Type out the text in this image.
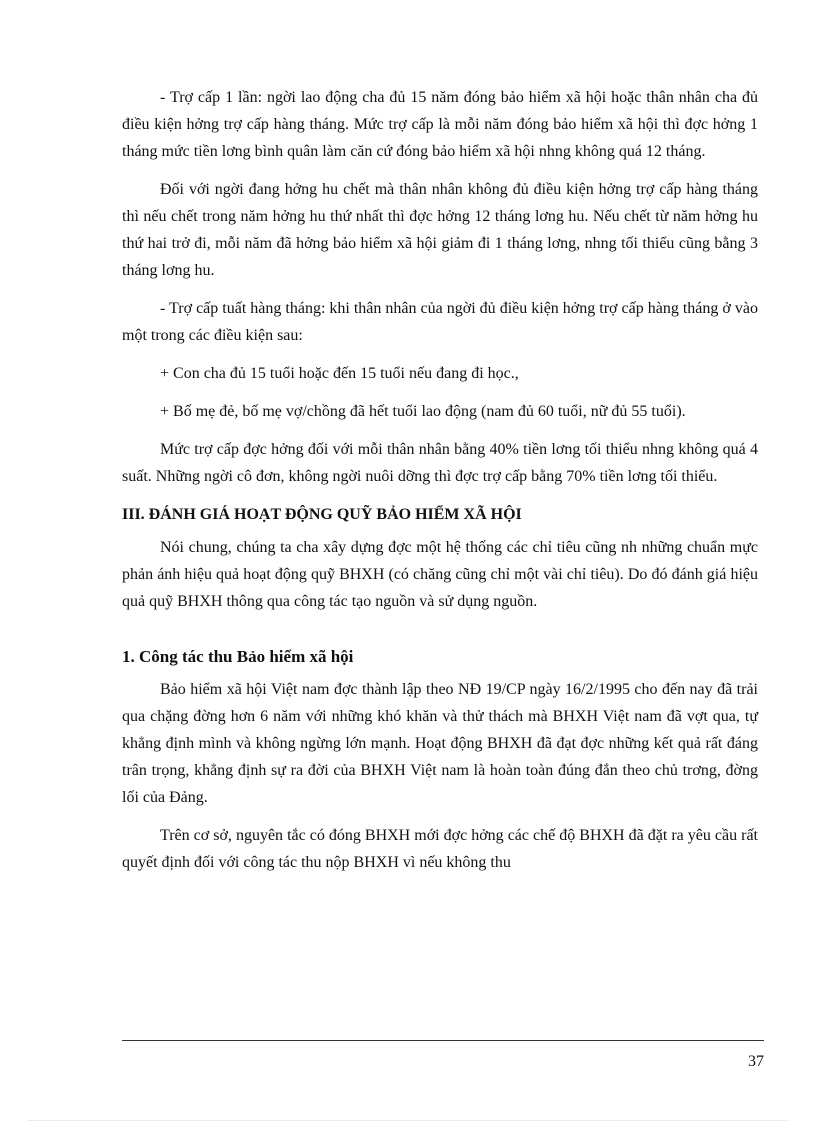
- Trợ cấp 1 lần: ngời lao động cha đủ 15 năm đóng bảo hiểm xã hội hoặc thân nhân cha đủ điều kiện hởng trợ cấp hàng tháng. Mức trợ cấp là mỗi năm đóng bảo hiểm xã hội thì đợc hởng 1 tháng mức tiền lơng bình quân làm căn cứ đóng bảo hiểm xã hội nhng không quá 12 tháng.

Đối với ngời đang hởng hu chết mà thân nhân không đủ điều kiện hởng trợ cấp hàng tháng thì nếu chết trong năm hởng hu thứ nhất thì đợc hởng 12 tháng lơng hu. Nếu chết từ năm hởng hu thứ hai trở đi, mỗi năm đã hởng bảo hiểm xã hội giảm đi 1 tháng lơng, nhng tối thiểu cũng bằng 3 tháng lơng hu.

- Trợ cấp tuất hàng tháng: khi thân nhân của ngời đủ điều kiện hởng trợ cấp hàng tháng ở vào một trong các điều kiện sau:

+ Con cha đủ 15 tuổi hoặc đến 15 tuổi nếu đang đi học.,

+ Bố mẹ đẻ, bố mẹ vợ/chồng đã hết tuổi lao động (nam đủ 60 tuổi, nữ đủ 55 tuổi).

Mức trợ cấp đợc hởng đối với mỗi thân nhân bằng 40% tiền lơng tối thiểu nhng không quá 4 suất. Những ngời cô đơn, không ngời nuôi dỡng thì đợc trợ cấp bằng 70% tiền lơng tối thiểu.

III. ĐÁNH GIÁ HOẠT ĐỘNG QUỸ BẢO HIỂM XÃ HỘI

Nói chung, chúng ta cha xây dựng đợc một hệ thống các chỉ tiêu cũng nh những chuẩn mực phản ánh hiệu quả hoạt động quỹ BHXH (có chăng cũng chỉ một vài chỉ tiêu). Do đó đánh giá hiệu quả quỹ BHXH thông qua công tác tạo nguồn và sử dụng nguồn.

1. Công tác thu Bảo hiểm xã hội

Bảo hiểm xã hội Việt nam đợc thành lập theo NĐ 19/CP ngày 16/2/1995 cho đến nay đã trải qua chặng đờng hơn 6 năm với những khó khăn và thử thách mà BHXH Việt nam đã vợt qua, tự khẳng định mình và không ngừng lớn mạnh. Hoạt động BHXH đã đạt đợc những kết quả rất đáng trân trọng, khẳng định sự ra đời của BHXH Việt nam là hoàn toàn đúng đắn theo chủ trơng, đờng lối của Đảng.

Trên cơ sở, nguyên tắc có đóng BHXH mới đợc hởng các chế độ BHXH đã đặt ra yêu cầu rất quyết định đối với công tác thu nộp BHXH vì nếu không thu

37
